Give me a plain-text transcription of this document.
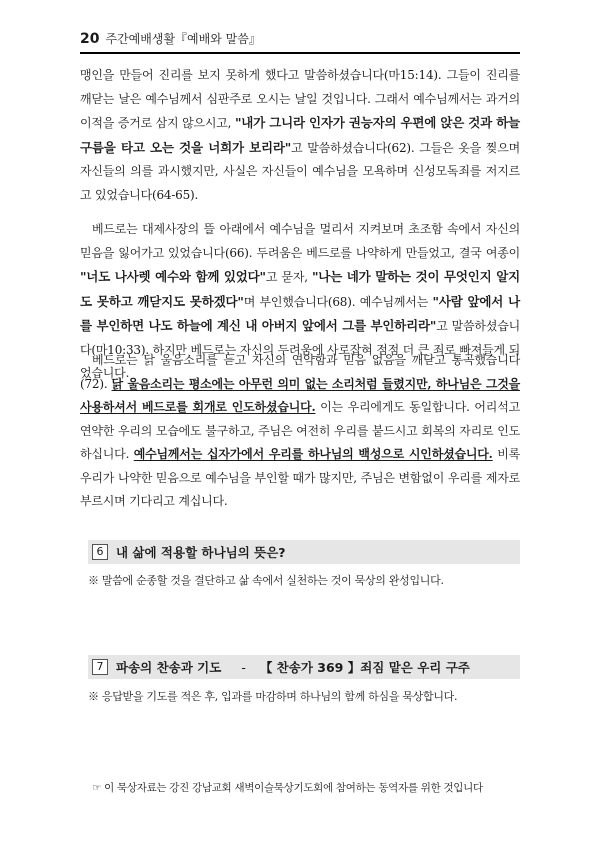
20 주간예배생활『예배와 말씀』

맹인을 만들어 진리를 보지 못하게 했다고 말씀하셨습니다(마15:14). 그들이 진리를 깨닫는 날은 예수님께서 심판주로 오시는 날일 것입니다. 그래서 예수님께서는 과거의 이적을 증거로 삼지 않으시고, "내가 그니라 인자가 권능자의 우편에 앉은 것과 하늘 구름을 타고 오는 것을 너희가 보리라"고 말씀하셨습니다(62). 그들은 옷을 찢으며 자신들의 의를 과시했지만, 사실은 자신들이 예수님을 모욕하며 신성모독죄를 저지르고 있었습니다(64-65).

베드로는 대제사장의 뜰 아래에서 예수님을 멀리서 지켜보며 초조함 속에서 자신의 믿음을 잃어가고 있었습니다(66). 두려움은 베드로를 나약하게 만들었고, 결국 여종이 "너도 나사렛 예수와 함께 있었다"고 묻자, "나는 네가 말하는 것이 무엇인지 알지도 못하고 깨닫지도 못하겠다"며 부인했습니다(68). 예수님께서는 "사람 앞에서 나를 부인하면 나도 하늘에 계신 내 아버지 앞에서 그를 부인하리라"고 말씀하셨습니다(마10:33). 하지만 베드로는 자신의 두려움에 사로잡혀 점점 더 큰 죄로 빠져들게 되었습니다.

베드로는 닭 울음소리를 듣고 자신의 연약함과 믿음 없음을 깨닫고 통곡했습니다(72). 닭 울음소리는 평소에는 아무런 의미 없는 소리처럼 들렸지만, 하나님은 그것을 사용하셔서 베드로를 회개로 인도하셨습니다. 이는 우리에게도 동일합니다. 어리석고 연약한 우리의 모습에도 불구하고, 주님은 여전히 우리를 붙드시고 회복의 자리로 인도하십니다. 예수님께서는 십자가에서 우리를 하나님의 백성으로 시인하셨습니다. 비록 우리가 나약한 믿음으로 예수님을 부인할 때가 많지만, 주님은 변함없이 우리를 제자로 부르시며 기다리고 계십니다.

6	내 삶에 적용할 하나님의 뜻은?
※ 말씀에 순종할 것을 결단하고 삶 속에서 실천하는 것이 묵상의 완성입니다.
7	파송의 찬송과 기도 - 【 찬송가 369 】죄짐 맡은 우리 구주
※ 응답받을 기도를 적은 후, 입과를 마감하며 하나님의 함께 하심을 묵상합니다.
☞ 이 묵상자료는 강진 강남교회 새벽이슬묵상기도회에 참여하는 동역자를 위한 것입니다
